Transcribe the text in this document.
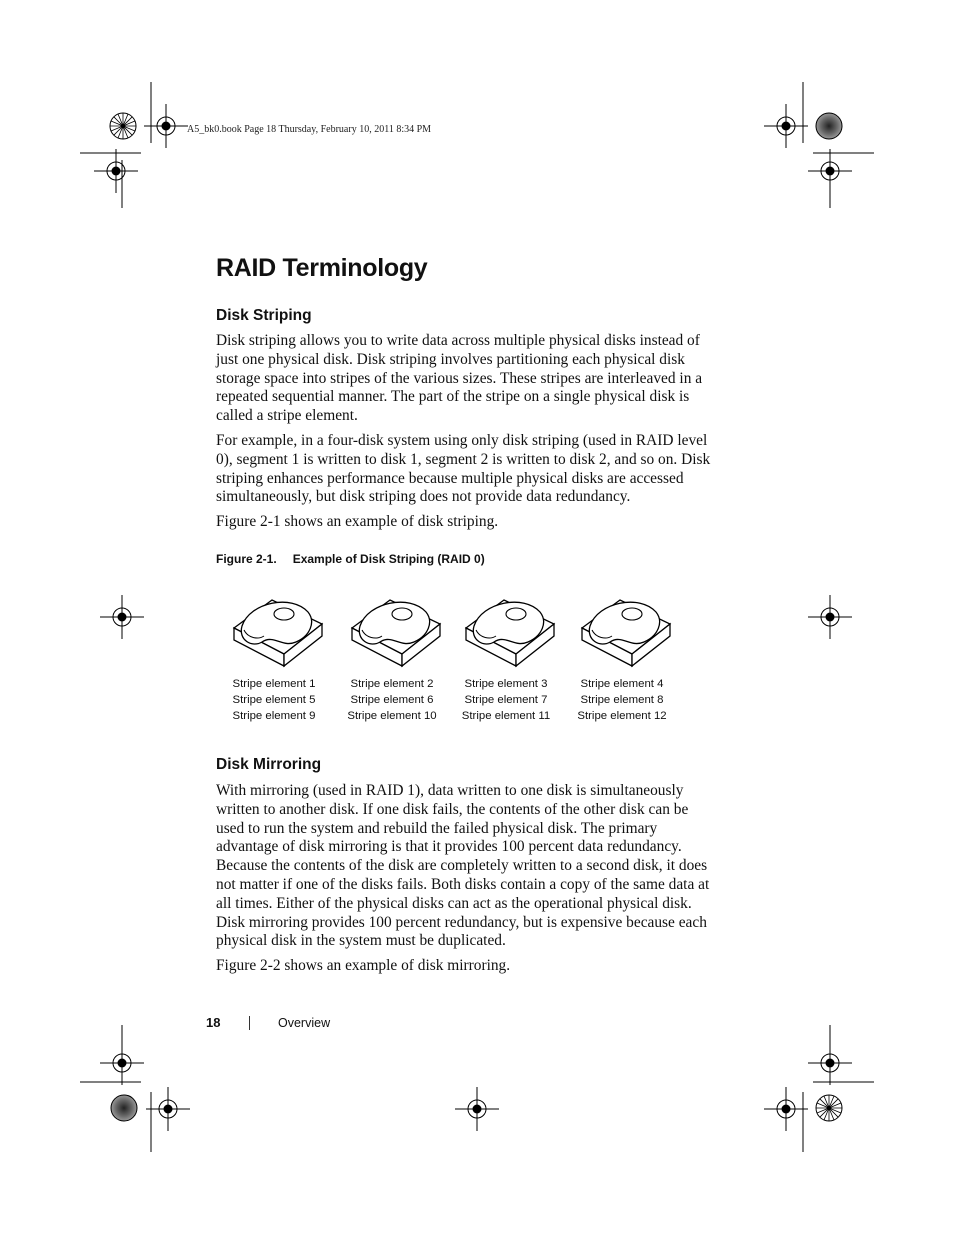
A5_bk0.book Page 18 Thursday, February 10, 2011 8:34 PM
RAID Terminology
Disk Striping

Disk striping allows you to write data across multiple physical disks instead of just one physical disk. Disk striping involves partitioning each physical disk storage space into stripes of the various sizes. These stripes are interleaved in a repeated sequential manner. The part of the stripe on a single physical disk is called a stripe element.

For example, in a four-disk system using only disk striping (used in RAID level 0), segment 1 is written to disk 1, segment 2 is written to disk 2, and so on. Disk striping enhances performance because multiple physical disks are accessed simultaneously, but disk striping does not provide data redundancy.

Figure 2-1 shows an example of disk striping.

Figure 2-1. Example of Disk Striping (RAID 0)
Stripe element 1
Stripe element 5
Stripe element 9
Stripe element 2
Stripe element 6
Stripe element 10
Stripe element 3
Stripe element 7
Stripe element 11
Stripe element 4
Stripe element 8
Stripe element 12
Disk Mirroring

With mirroring (used in RAID 1), data written to one disk is simultaneously written to another disk. If one disk fails, the contents of the other disk can be used to run the system and rebuild the failed physical disk. The primary advantage of disk mirroring is that it provides 100 percent data redundancy. Because the contents of the disk are completely written to a second disk, it does not matter if one of the disks fails. Both disks contain a copy of the same data at all times. Either of the physical disks can act as the operational physical disk. Disk mirroring provides 100 percent redundancy, but is expensive because each physical disk in the system must be duplicated.

Figure 2-2 shows an example of disk mirroring.

18	Overview
